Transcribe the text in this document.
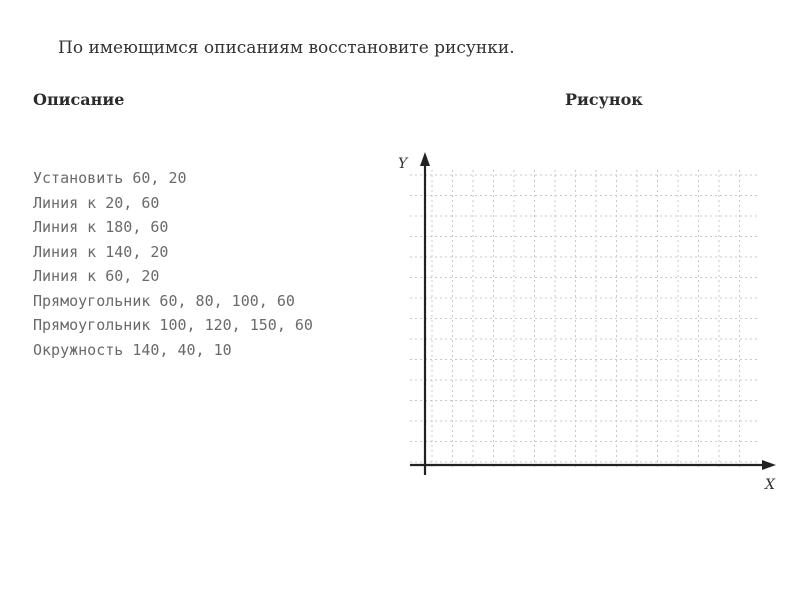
По имеющимся описаниям восстановите рисунки.
Описание	Рисунок
Установить 60, 20
Линия к 20, 60
Линия к 180, 60
Линия к 140, 20
Линия к 60, 20
Прямоугольник 60, 80, 100, 60
Прямоугольник 100, 120, 150, 60
Окружность 140, 40, 10
Y
X
